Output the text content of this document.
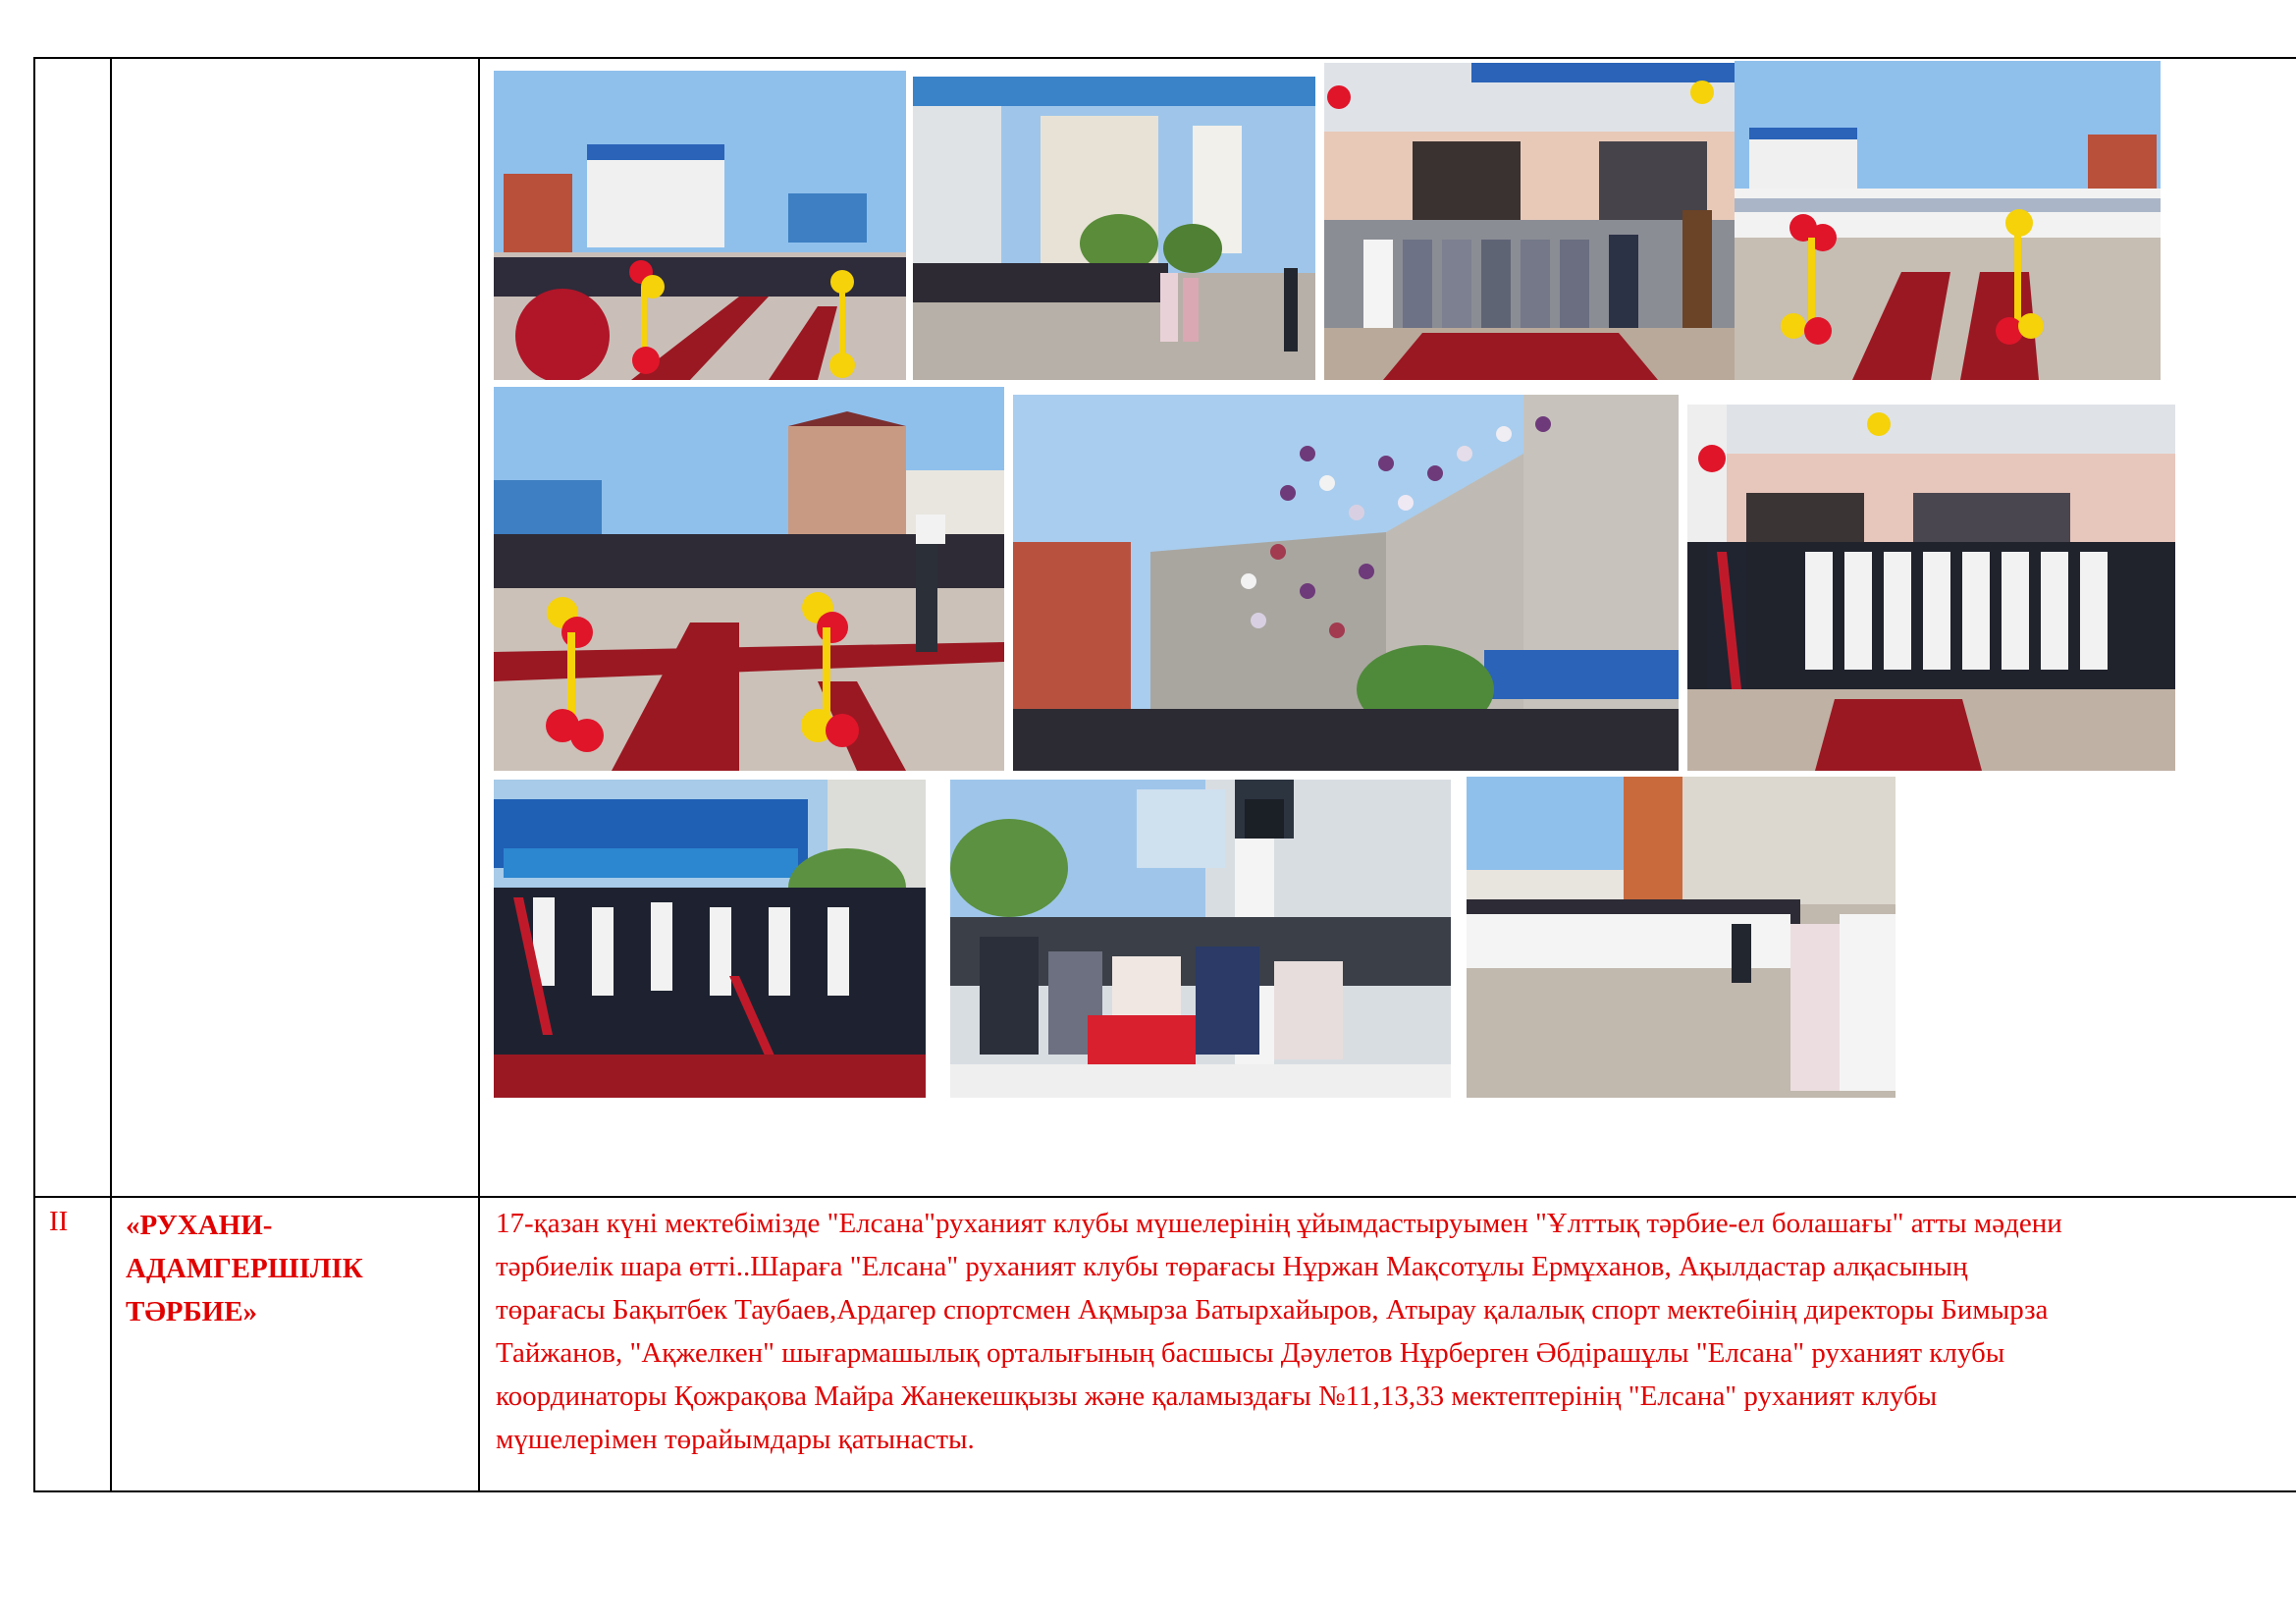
II «РУХАНИ-
АДАМГЕРШІЛІК
ТӘРБИЕ»
17-қазан күні мектебімізде "Елсана"руханият клубы мүшелерінің ұйымдастыруымен "Ұлттық тәрбие-ел болашағы" атты мәдени
тәрбиелік шара өтті..Шараға "Елсана" руханият клубы төрағасы Нұржан Мақсотұлы Ермұханов, Ақылдастар алқасының
төрағасы Бақытбек Таубаев,Ардагер спортсмен Ақмырза Батырхайыров, Атырау қалалық спорт мектебінің директоры Бимырза
Тайжанов, "Ақжелкен" шығармашылық орталығының басшысы Дәулетов Нұрберген Әбдірашұлы "Елсана" руханият клубы
координаторы Қожрақова Майра Жанекешқызы және қаламыздағы №11,13,33 мектептерінің "Елсана" руханият клубы
мүшелерімен төрайымдары қатынасты.
